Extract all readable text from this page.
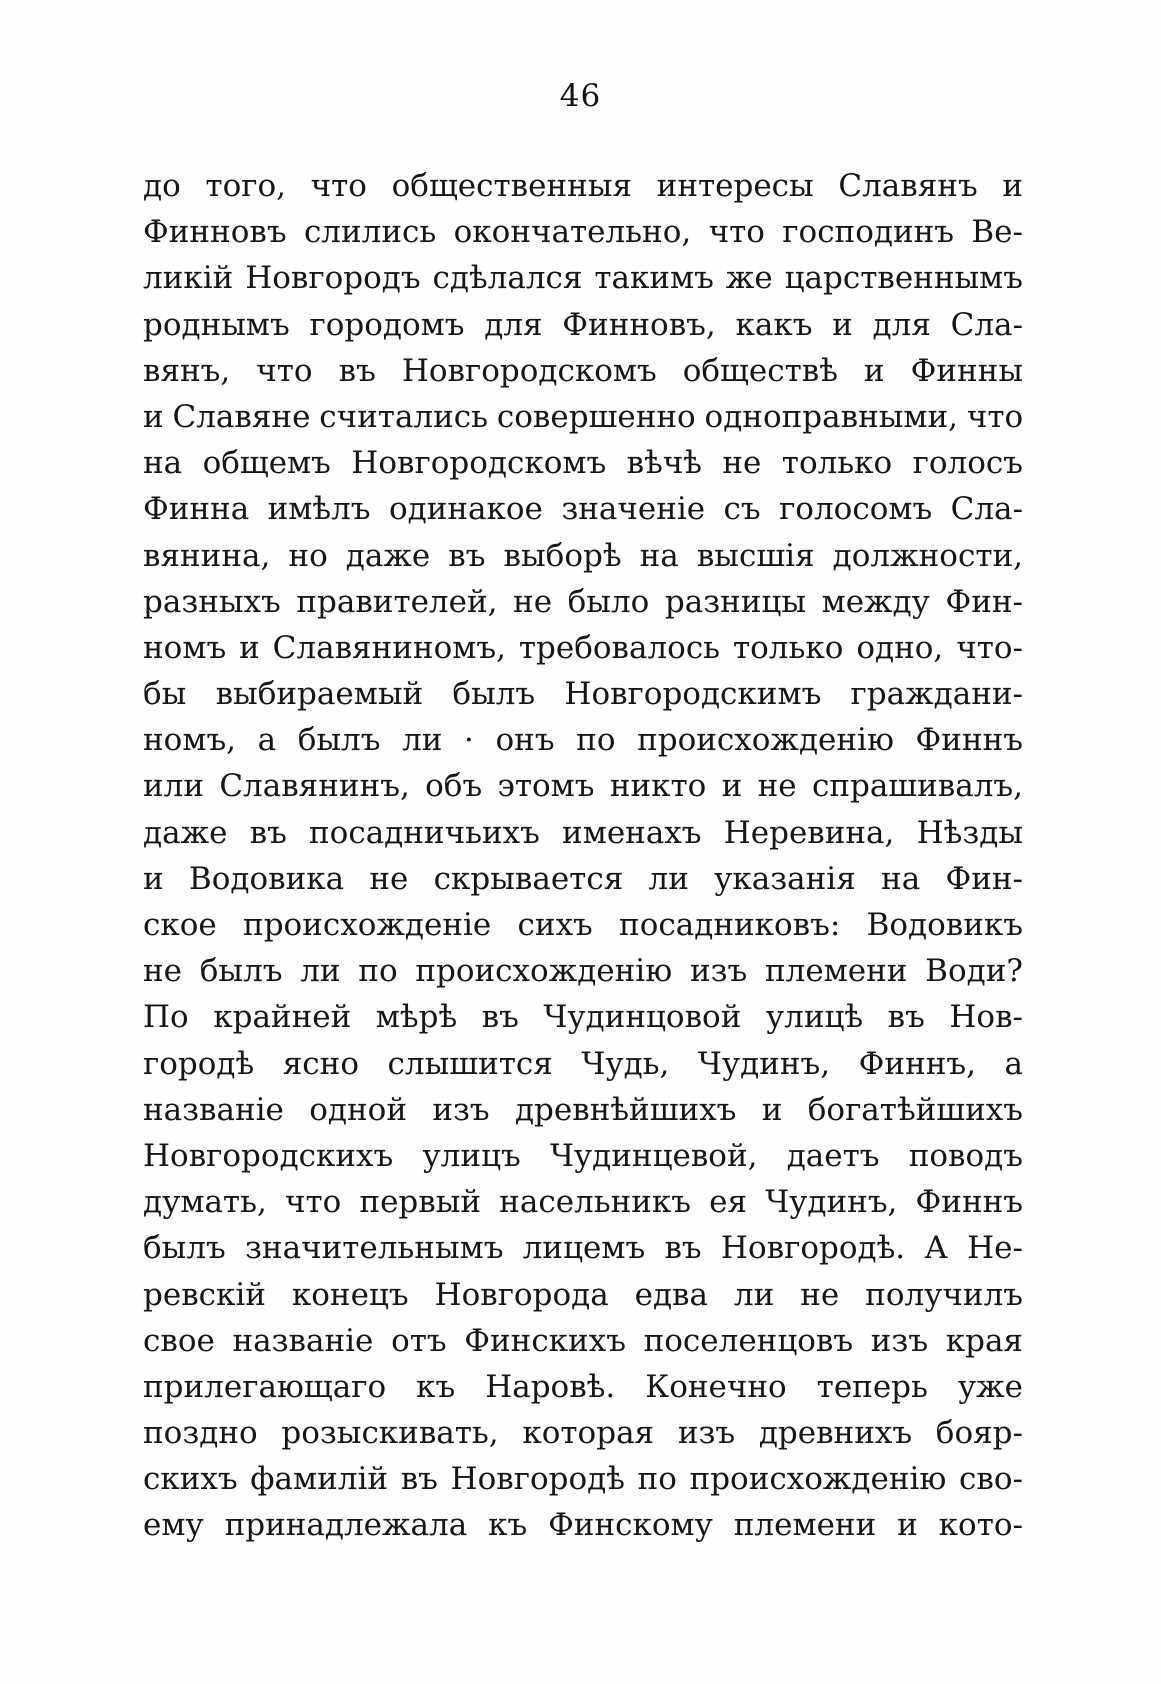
46
до того, что общественныя интересы Славянъ и
Финновъ слились окончательно, что господинъ Ве-
ликій Новгородъ сдѣлался такимъ же царственнымъ
роднымъ городомъ для Финновъ, какъ и для Сла-
вянъ, что въ Новгородскомъ обществѣ и Финны
и Славяне считались совершенно одноправными, что
на общемъ Новгородскомъ вѣчѣ не только голосъ
Финна имѣлъ одинакое значеніе съ голосомъ Сла-
вянина, но даже въ выборѣ на высшія должности,
разныхъ правителей, не было разницы между Фин-
номъ и Славяниномъ, требовалось только одно, что-
бы выбираемый былъ Новгородскимъ граждани-
номъ, а былъ ли · онъ по происхожденію Финнъ
или Славянинъ, объ этомъ никто и не спрашивалъ,
даже въ посадничьихъ именахъ Неревина, Нѣзды
и Водовика не скрывается ли указанія на Фин-
ское происхожденіе сихъ посадниковъ: Водовикъ
не былъ ли по происхожденію изъ племени Води?
По крайней мѣрѣ въ Чудинцовой улицѣ въ Нов-
городѣ ясно слышится Чудь, Чудинъ, Финнъ, а
названіе одной изъ древнѣйшихъ и богатѣйшихъ
Новгородскихъ улицъ Чудинцевой, даетъ поводъ
думать, что первый насельникъ ея Чудинъ, Финнъ
былъ значительнымъ лицемъ въ Новгородѣ. А Не-
ревскій конецъ Новгорода едва ли не получилъ
свое названіе отъ Финскихъ поселенцовъ изъ края
прилегающаго къ Наровѣ. Конечно теперь уже
поздно розыскивать, которая изъ древнихъ бояр-
скихъ фамилій въ Новгородѣ по происхожденію сво-
ему принадлежала къ Финскому племени и кото-
